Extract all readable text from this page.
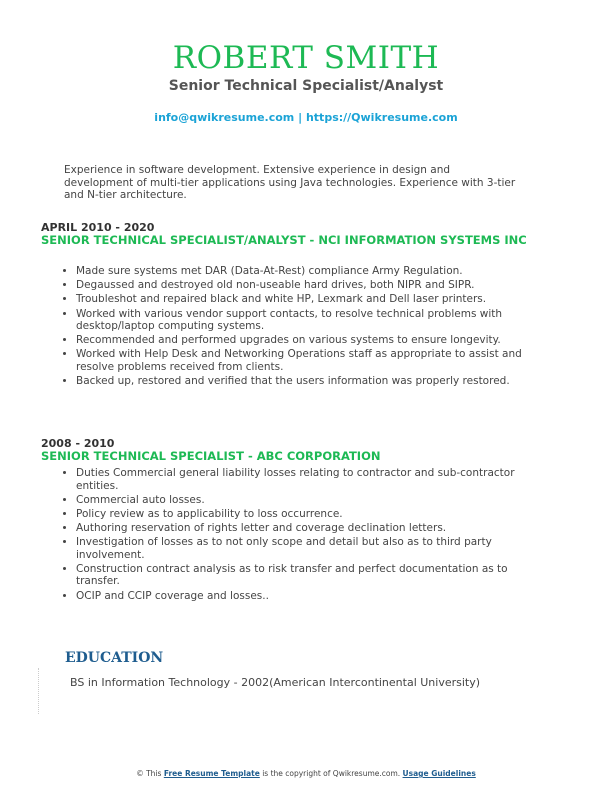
ROBERT SMITH
Senior Technical Specialist/Analyst
info@qwikresume.com | https://Qwikresume.com
Experience in software development. Extensive experience in design and development of multi-tier applications using Java technologies. Experience with 3-tier and N-tier architecture.
APRIL 2010 - 2020
SENIOR TECHNICAL SPECIALIST/ANALYST - NCI INFORMATION SYSTEMS INC
• Made sure systems met DAR (Data-At-Rest) compliance Army Regulation.
• Degaussed and destroyed old non-useable hard drives, both NIPR and SIPR.
• Troubleshot and repaired black and white HP, Lexmark and Dell laser printers.
• Worked with various vendor support contacts, to resolve technical problems with desktop/laptop computing systems.
• Recommended and performed upgrades on various systems to ensure longevity.
• Worked with Help Desk and Networking Operations staff as appropriate to assist and resolve problems received from clients.
• Backed up, restored and verified that the users information was properly restored.
2008 - 2010
SENIOR TECHNICAL SPECIALIST - ABC CORPORATION
• Duties Commercial general liability losses relating to contractor and sub-contractor entities.
• Commercial auto losses.
• Policy review as to applicability to loss occurrence.
• Authoring reservation of rights letter and coverage declination letters.
• Investigation of losses as to not only scope and detail but also as to third party involvement.
• Construction contract analysis as to risk transfer and perfect documentation as to transfer.
• OCIP and CCIP coverage and losses..
EDUCATION
BS in Information Technology - 2002(American Intercontinental University)
© This Free Resume Template is the copyright of Qwikresume.com. Usage Guidelines
